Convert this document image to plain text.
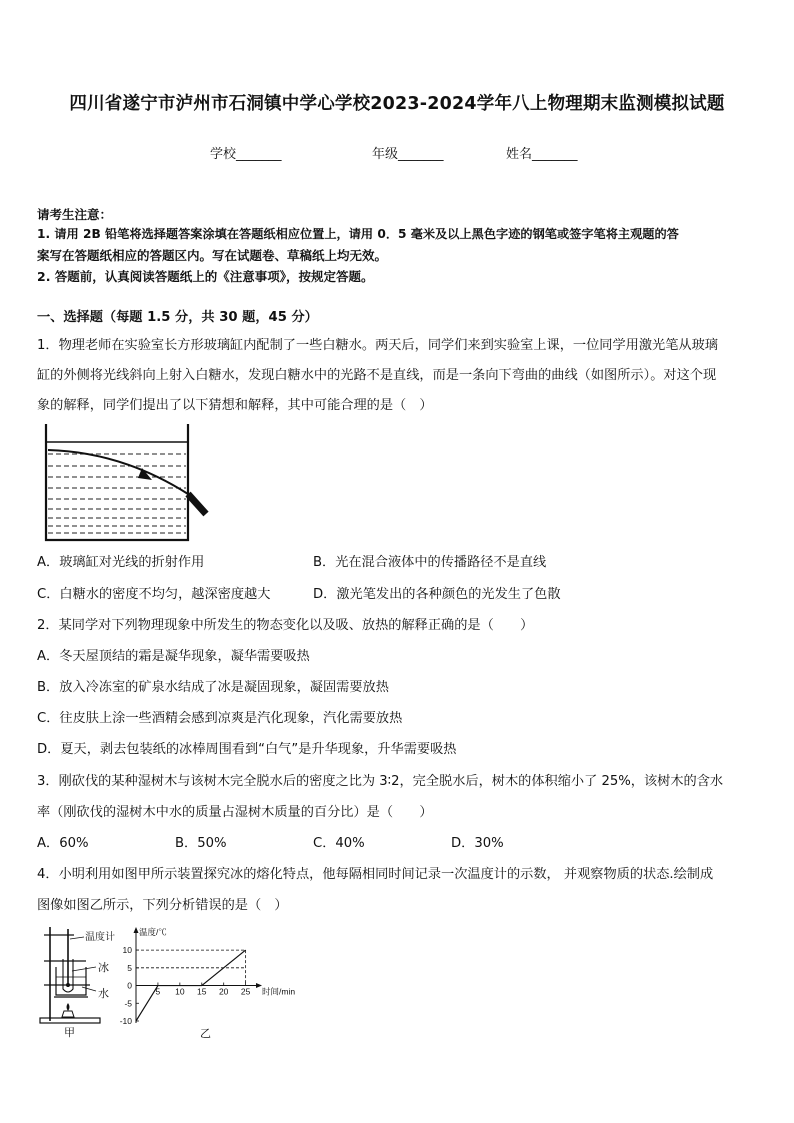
四川省遂宁市泸州市石洞镇中学心学校2023-2024学年八上物理期末监测模拟试题
学校_______	年级_______	姓名_______
请考生注意：
1. 请用 2B 铅笔将选择题答案涂填在答题纸相应位置上，请用 0．5 毫米及以上黑色字迹的钢笔或签字笔将主观题的答
案写在答题纸相应的答题区内。写在试题卷、草稿纸上均无效。
2. 答题前，认真阅读答题纸上的《注意事项》，按规定答题。
一、选择题（每题 1.5 分，共 30 题，45 分）
1．物理老师在实验室长方形玻璃缸内配制了一些白糖水。两天后，同学们来到实验室上课，一位同学用激光笔从玻璃
缸的外侧将光线斜向上射入白糖水，发现白糖水中的光路不是直线，而是一条向下弯曲的曲线（如图所示）。对这个现
象的解释，同学们提出了以下猜想和解释，其中可能合理的是（　）
A．玻璃缸对光线的折射作用	B．光在混合液体中的传播路径不是直线
C．白糖水的密度不均匀，越深密度越大	D．激光笔发出的各种颜色的光发生了色散
2．某同学对下列物理现象中所发生的物态变化以及吸、放热的解释正确的是（　　）
A．冬天屋顶结的霜是凝华现象，凝华需要吸热
B．放入冷冻室的矿泉水结成了冰是凝固现象，凝固需要放热
C．往皮肤上涂一些酒精会感到凉爽是汽化现象，汽化需要放热
D．夏天，剥去包装纸的冰棒周围看到“白气”是升华现象，升华需要吸热
3．刚砍伐的某种湿树木与该树木完全脱水后的密度之比为 3∶2，完全脱水后，树木的体积缩小了 25%，该树木的含水
率（刚砍伐的湿树木中水的质量占湿树木质量的百分比）是（　　）
A．60%	B．50%	C．40%	D．30%
4．小明利用如图甲所示装置探究冰的熔化特点，他每隔相同时间记录一次温度计的示数， 并观察物质的状态.绘制成
图像如图乙所示，下列分析错误的是（　）
温度计
冰
水
甲
温度/℃
时间/min
10
5
0
-5
-10
5 10 15 20 25
乙
